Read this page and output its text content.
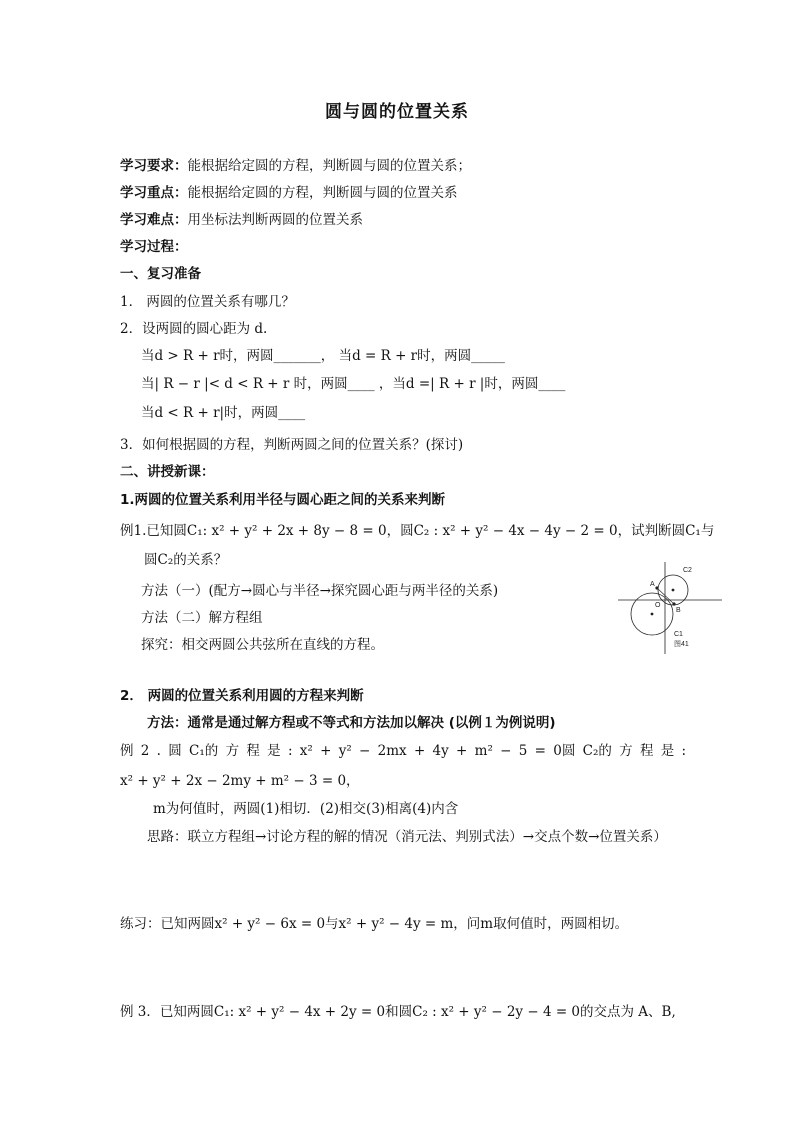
圆与圆的位置关系
学习要求：能根据给定圆的方程，判断圆与圆的位置关系；
学习重点：能根据给定圆的方程，判断圆与圆的位置关系
学习难点：用坐标法判断两圆的位置关系
学习过程：
一、复习准备
1． 两圆的位置关系有哪几？
2．设两圆的圆心距为 d.
当d > R + r时，两圆_______， 当d = R + r时，两圆_____
当| R − r |< d < R + r 时，两圆____ ，当d =| R + r |时，两圆____
当d < R + r|时，两圆____
3．如何根据圆的方程，判断两圆之间的位置关系？(探讨)
二、讲授新课：
1.两圆的位置关系利用半径与圆心距之间的关系来判断
例1.已知圆C₁: x² + y² + 2x + 8y − 8 = 0，圆C₂ : x² + y² − 4x − 4y − 2 = 0，试判断圆C₁与
圆C₂的关系？
方法（一）(配方→圆心与半径→探究圆心距与两半径的关系)
方法（二）解方程组
探究：相交两圆公共弦所在直线的方程。
C2
A
O
B
C1
图41
2． 两圆的位置关系利用圆的方程来判断
方法：通常是通过解方程或不等式和方法加以解决 (以例１为例说明)
例 2 . 圆 C₁的 方 程 是 : x² + y² − 2mx + 4y + m² − 5 = 0圆 C₂的 方 程 是 :
x² + y² + 2x − 2my + m² − 3 = 0，
m为何值时，两圆(1)相切．(2)相交(3)相离(4)内含
思路：联立方程组→讨论方程的解的情况（消元法、判别式法）→交点个数→位置关系）
练习：已知两圆x² + y² − 6x = 0与x² + y² − 4y = m，问m取何值时，两圆相切。
例 3．已知两圆C₁: x² + y² − 4x + 2y = 0和圆C₂ : x² + y² − 2y − 4 = 0的交点为 A、B,
